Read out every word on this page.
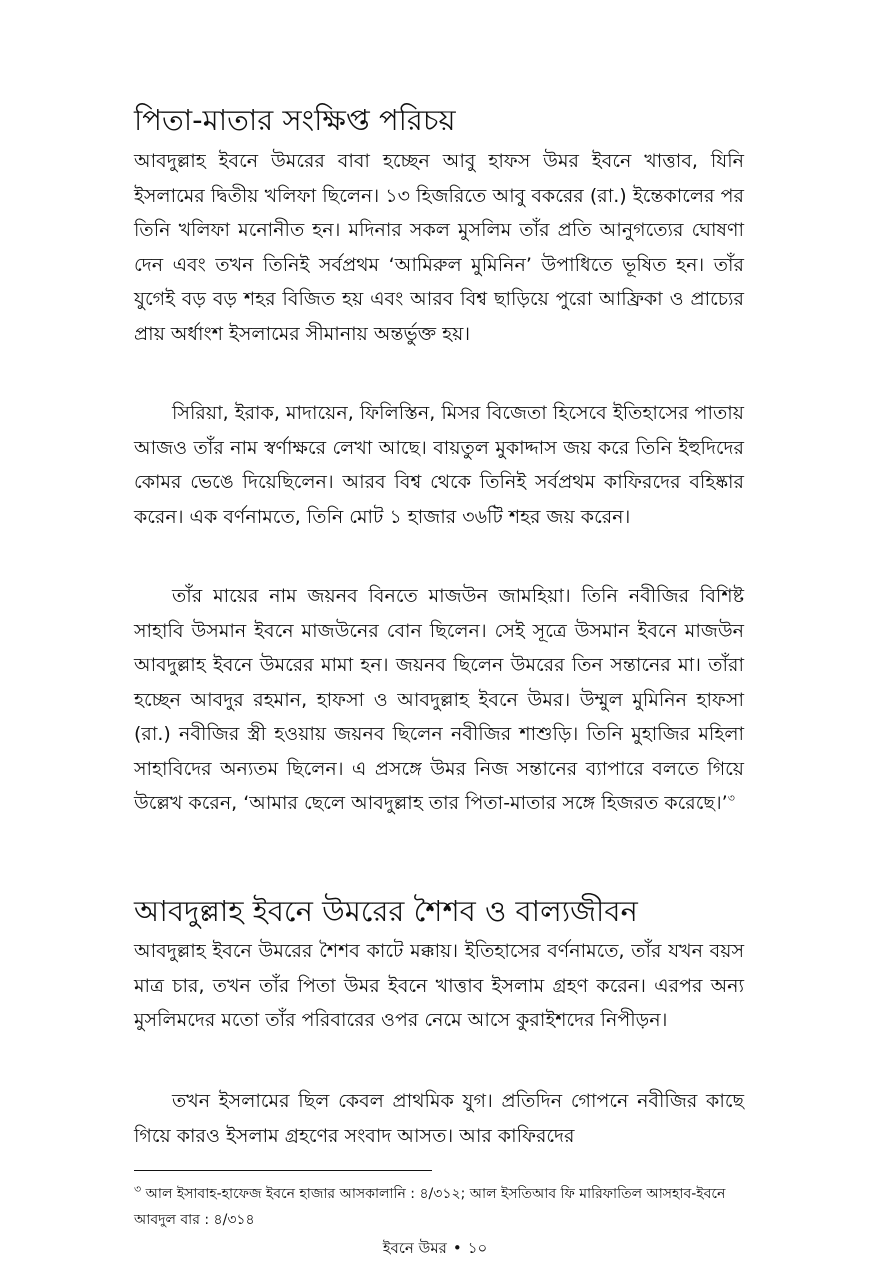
পিতা-মাতার সংক্ষিপ্ত পরিচয়

আবদুল্লাহ ইবনে উমরের বাবা হচ্ছেন আবু হাফস উমর ইবনে খাত্তাব, যিনি ইসলামের দ্বিতীয় খলিফা ছিলেন। ১৩ হিজরিতে আবু বকরের (রা.) ইন্তেকালের পর তিনি খলিফা মনোনীত হন। মদিনার সকল মুসলিম তাঁর প্রতি আনুগত্যের ঘোষণা দেন এবং তখন তিনিই সর্বপ্রথম ‘আমিরুল মুমিনিন’ উপাধিতে ভূষিত হন। তাঁর যুগেই বড় বড় শহর বিজিত হয় এবং আরব বিশ্ব ছাড়িয়ে পুরো আফ্রিকা ও প্রাচ্যের প্রায় অর্ধাংশ ইসলামের সীমানায় অন্তর্ভুক্ত হয়।

সিরিয়া, ইরাক, মাদায়েন, ফিলিস্তিন, মিসর বিজেতা হিসেবে ইতিহাসের পাতায় আজও তাঁর নাম স্বর্ণাক্ষরে লেখা আছে। বায়তুল মুকাদ্দাস জয় করে তিনি ইহুদিদের কোমর ভেঙে দিয়েছিলেন। আরব বিশ্ব থেকে তিনিই সর্বপ্রথম কাফিরদের বহিষ্কার করেন। এক বর্ণনামতে, তিনি মোট ১ হাজার ৩৬টি শহর জয় করেন।

তাঁর মায়ের নাম জয়নব বিনতে মাজউন জামহিয়া। তিনি নবীজির বিশিষ্ট সাহাবি উসমান ইবনে মাজউনের বোন ছিলেন। সেই সূত্রে উসমান ইবনে মাজউন আবদুল্লাহ ইবনে উমরের মামা হন। জয়নব ছিলেন উমরের তিন সন্তানের মা। তাঁরা হচ্ছেন আবদুর রহমান, হাফসা ও আবদুল্লাহ ইবনে উমর। উম্মুল মুমিনিন হাফসা (রা.) নবীজির স্ত্রী হওয়ায় জয়নব ছিলেন নবীজির শাশুড়ি। তিনি মুহাজির মহিলা সাহাবিদের অন্যতম ছিলেন। এ প্রসঙ্গে উমর নিজ সন্তানের ব্যাপারে বলতে গিয়ে উল্লেখ করেন, ‘আমার ছেলে আবদুল্লাহ তার পিতা-মাতার সঙ্গে হিজরত করেছে।’$^৩$

আবদুল্লাহ ইবনে উমরের শৈশব ও বাল্যজীবন

আবদুল্লাহ ইবনে উমরের শৈশব কাটে মক্কায়। ইতিহাসের বর্ণনামতে, তাঁর যখন বয়স মাত্র চার, তখন তাঁর পিতা উমর ইবনে খাত্তাব ইসলাম গ্রহণ করেন। এরপর অন্য মুসলিমদের মতো তাঁর পরিবারের ওপর নেমে আসে কুরাইশদের নিপীড়ন।

তখন ইসলামের ছিল কেবল প্রাথমিক যুগ। প্রতিদিন গোপনে নবীজির কাছে গিয়ে কারও ইসলাম গ্রহণের সংবাদ আসত। আর কাফিরদের

$^৩$ আল ইসাবাহ-হাফেজ ইবনে হাজার আসকালানি : ৪/৩১২; আল ইসতিআব ফি মারিফাতিল আসহাব-ইবনে আবদুল বার : ৪/৩১৪

ইবনে উমর • ১০
